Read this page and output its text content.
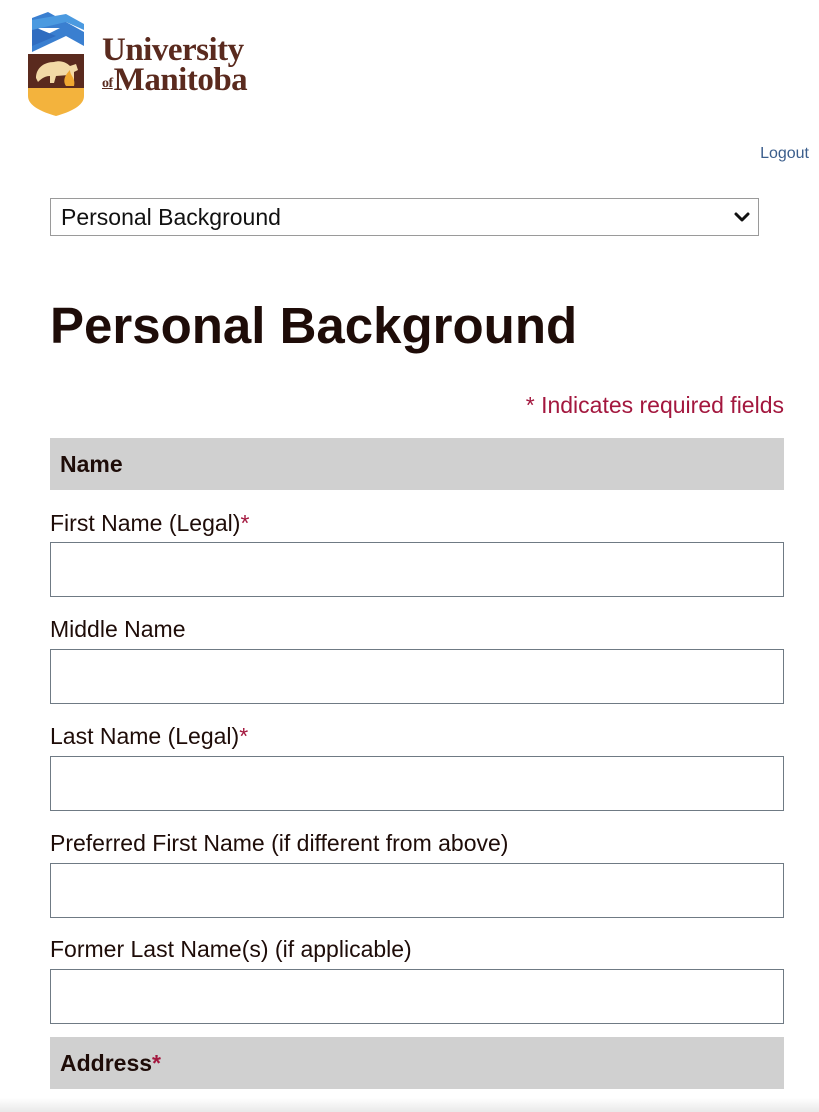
University
of Manitoba
Logout
Personal Background
Personal Background
* Indicates required fields
Name
First Name (Legal)*
Middle Name
Last Name (Legal)*
Preferred First Name (if different from above)
Former Last Name(s) (if applicable)
Address *
